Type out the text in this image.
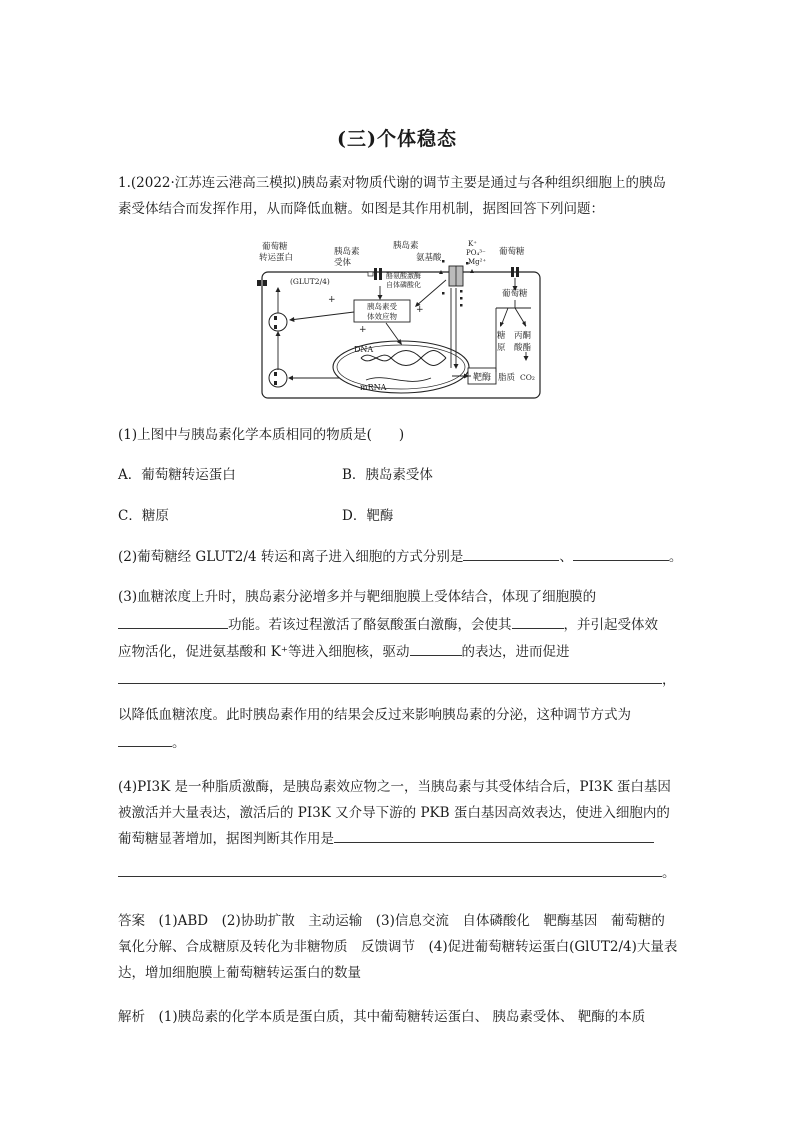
(三)个体稳态
1.(2022·江苏连云港高三模拟)胰岛素对物质代谢的调节主要是通过与各种组织细胞上的胰岛
素受体结合而发挥作用，从而降低血糖。如图是其作用机制，据图回答下列问题：
胰岛素受
体效应物
靶酶
葡萄糖
转运蛋白
(GLUT2/4)
胰岛素
受体
胰岛素
氨基酸
K⁺
PO₄³⁻
Mg²⁺
葡萄糖
酪氨酸激酶
自体磷酸化
葡萄糖
糖
原
丙酮
酸酯
DNA
mRNA
脂质 CO₂
+
+
+
(1)上图中与胰岛素化学本质相同的物质是(　　)
A．葡萄糖转运蛋白	B．胰岛素受体
C．糖原	D．靶酶
(2)葡萄糖经 GLUT2/4 转运和离子进入细胞的方式分别是	、	。
(3)血糖浓度上升时，胰岛素分泌增多并与靶细胞膜上受体结合，体现了细胞膜的
功能。若该过程激活了酪氨酸蛋白激酶，会使其	，并引起受体效
应物活化，促进氨基酸和 K⁺等进入细胞核，驱动	的表达，进而促进
，
以降低血糖浓度。此时胰岛素作用的结果会反过来影响胰岛素的分泌，这种调节方式为
。
(4)PI3K 是一种脂质激酶，是胰岛素效应物之一，当胰岛素与其受体结合后，PI3K 蛋白基因
被激活并大量表达，激活后的 PI3K 又介导下游的 PKB 蛋白基因高效表达，使进入细胞内的
葡萄糖显著增加，据图判断其作用是
。
答案　(1)ABD　(2)协助扩散　主动运输　(3)信息交流　自体磷酸化　靶酶基因　葡萄糖的
氧化分解、合成糖原及转化为非糖物质　反馈调节　(4)促进葡萄糖转运蛋白(GlUT2/4)大量表
达，增加细胞膜上葡萄糖转运蛋白的数量
解析　(1)胰岛素的化学本质是蛋白质，其中葡萄糖转运蛋白、 胰岛素受体、 靶酶的本质
